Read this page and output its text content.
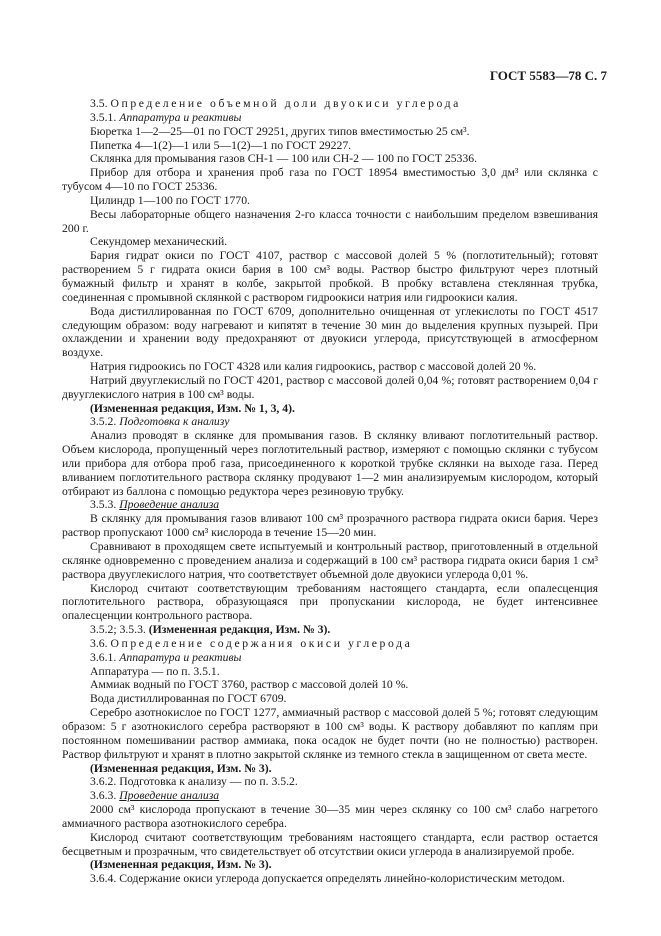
ГОСТ 5583—78 С. 7

3.5. Определение объемной доли двуокиси углерода

3.5.1. Аппаратура и реактивы

Бюретка 1—2—25—01 по ГОСТ 29251, других типов вместимостью 25 см³.

Пипетка 4—1(2)—1 или 5—1(2)—1 по ГОСТ 29227.

Склянка для промывания газов СН-1 — 100 или СН-2 — 100 по ГОСТ 25336.

Прибор для отбора и хранения проб газа по ГОСТ 18954 вместимостью 3,0 дм³ или склянка с тубусом 4—10 по ГОСТ 25336.

Цилиндр 1—100 по ГОСТ 1770.

Весы лабораторные общего назначения 2-го класса точности с наибольшим пределом взвешивания 200 г.

Секундомер механический.

Бария гидрат окиси по ГОСТ 4107, раствор с массовой долей 5 % (поглотительный); готовят растворением 5 г гидрата окиси бария в 100 см³ воды. Раствор быстро фильтруют через плотный бумажный фильтр и хранят в колбе, закрытой пробкой. В пробку вставлена стеклянная трубка, соединенная с промывной склянкой с раствором гидроокиси натрия или гидроокиси калия.

Вода дистиллированная по ГОСТ 6709, дополнительно очищенная от углекислоты по ГОСТ 4517 следующим образом: воду нагревают и кипятят в течение 30 мин до выделения крупных пузырей. При охлаждении и хранении воду предохраняют от двуокиси углерода, присутствующей в атмосферном воздухе.

Натрия гидроокись по ГОСТ 4328 или калия гидроокись, раствор с массовой долей 20 %.

Натрий двууглекислый по ГОСТ 4201, раствор с массовой долей 0,04 %; готовят растворением 0,04 г двууглекислого натрия в 100 см³ воды.

(Измененная редакция, Изм. № 1, 3, 4).

3.5.2. Подготовка к анализу

Анализ проводят в склянке для промывания газов. В склянку вливают поглотительный раствор. Объем кислорода, пропущенный через поглотительный раствор, измеряют с помощью склянки с тубусом или прибора для отбора проб газа, присоединенного к короткой трубке склянки на выходе газа. Перед вливанием поглотительного раствора склянку продувают 1—2 мин анализируемым кислородом, который отбирают из баллона с помощью редуктора через резиновую трубку.

3.5.3. Проведение анализа

В склянку для промывания газов вливают 100 см³ прозрачного раствора гидрата окиси бария. Через раствор пропускают 1000 см³ кислорода в течение 15—20 мин.

Сравнивают в проходящем свете испытуемый и контрольный раствор, приготовленный в отдельной склянке одновременно с проведением анализа и содержащий в 100 см³ раствора гидрата окиси бария 1 см³ раствора двууглекислого натрия, что соответствует объемной доле двуокиси углерода 0,01 %.

Кислород считают соответствующим требованиям настоящего стандарта, если опалесценция поглотительного раствора, образующаяся при пропускании кислорода, не будет интенсивнее опалесценции контрольного раствора.

3.5.2; 3.5.3. (Измененная редакция, Изм. № 3).

3.6. Определение содержания окиси углерода

3.6.1. Аппаратура и реактивы

Аппаратура — по п. 3.5.1.

Аммиак водный по ГОСТ 3760, раствор с массовой долей 10 %.

Вода дистиллированная по ГОСТ 6709.

Серебро азотнокислое по ГОСТ 1277, аммиачный раствор с массовой долей 5 %; готовят следующим образом: 5 г азотнокислого серебра растворяют в 100 см³ воды. К раствору добавляют по каплям при постоянном помешивании раствор аммиака, пока осадок не будет почти (но не полностью) растворен. Раствор фильтруют и хранят в плотно закрытой склянке из темного стекла в защищенном от света месте.

(Измененная редакция, Изм. № 3).

3.6.2. Подготовка к анализу — по п. 3.5.2.

3.6.3. Проведение анализа

2000 см³ кислорода пропускают в течение 30—35 мин через склянку со 100 см³ слабо нагретого аммиачного раствора азотнокислого серебра.

Кислород считают соответствующим требованиям настоящего стандарта, если раствор остается бесцветным и прозрачным, что свидетельствует об отсутствии окиси углерода в анализируемой пробе.

(Измененная редакция, Изм. № 3).

3.6.4. Содержание окиси углерода допускается определять линейно-колористическим методом.
